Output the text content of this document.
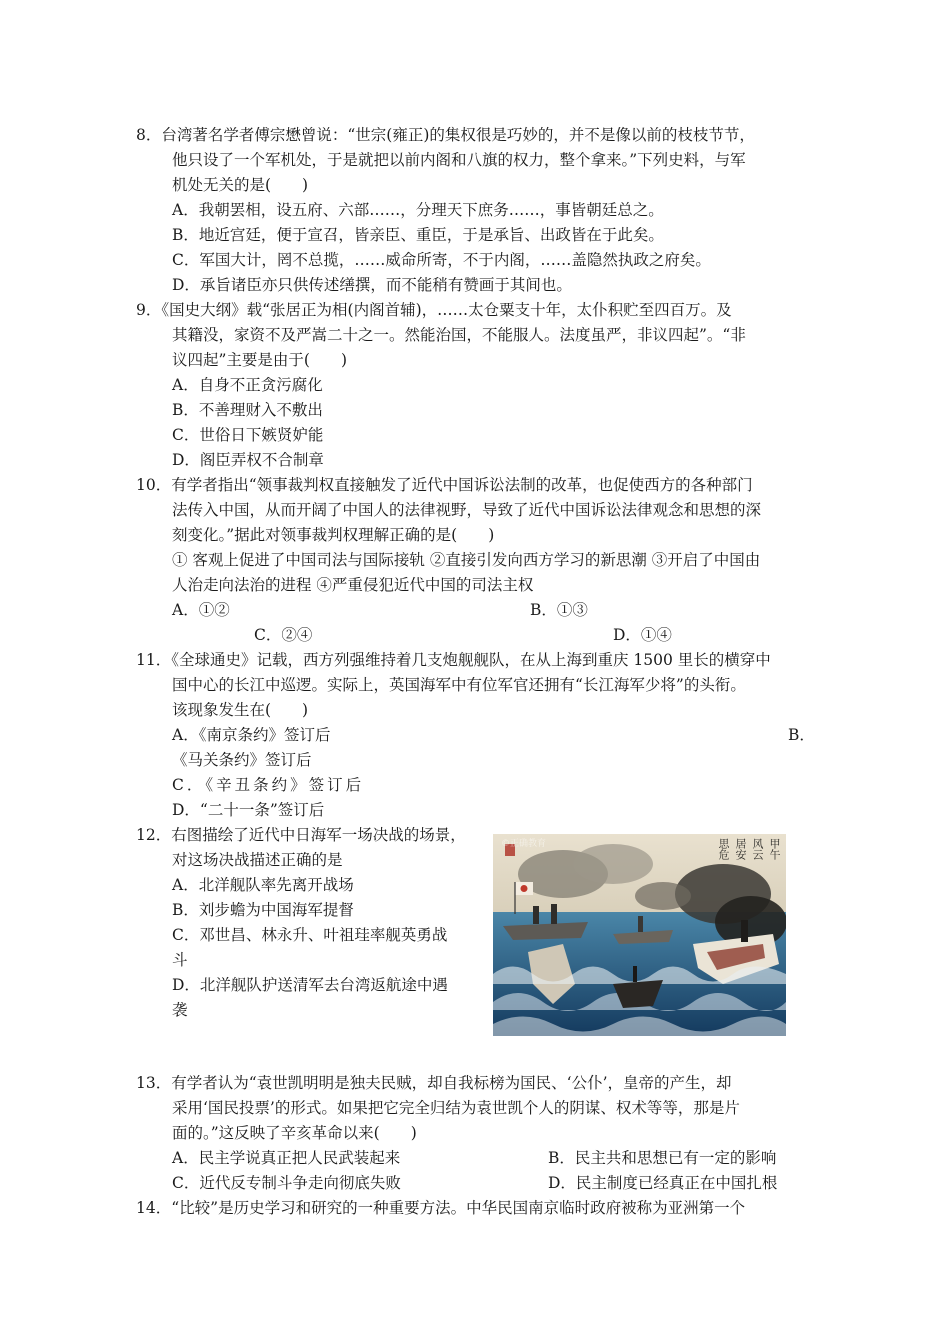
8．台湾著名学者傅宗懋曾说：“世宗(雍正)的集权很是巧妙的，并不是像以前的枝枝节节，
他只设了一个军机处，于是就把以前内阁和八旗的权力，整个拿来。”下列史料，与军
机处无关的是(　　)
A．我朝罢相，设五府、六部……，分理天下庶务……，事皆朝廷总之。
B．地近宫廷，便于宣召，皆亲臣、重臣，于是承旨、出政皆在于此矣。
C．军国大计，罔不总揽，……威命所寄，不于内阁，……盖隐然执政之府矣。
D．承旨诸臣亦只供传述缮撰，而不能稍有赞画于其间也。
9．《国史大纲》载“张居正为相(内阁首辅)，……太仓粟支十年，太仆积贮至四百万。及
其籍没，家资不及严嵩二十之一。然能治国，不能服人。法度虽严，非议四起”。“非
议四起”主要是由于(　　)
A．自身不正贪污腐化
B．不善理财入不敷出
C．世俗日下嫉贤妒能
D．阁臣弄权不合制章
10．有学者指出“领事裁判权直接触发了近代中国诉讼法制的改革，也促使西方的各种部门
法传入中国，从而开阔了中国人的法律视野，导致了近代中国诉讼法律观念和思想的深
刻变化。”据此对领事裁判权理解正确的是(　　)
① 客观上促进了中国司法与国际接轨 ②直接引发向西方学习的新思潮 ③开启了中国由
人治走向法治的进程 ④严重侵犯近代中国的司法主权
A．①②	B．①③
C．②④	D．①④
11．《全球通史》记载，西方列强维持着几支炮舰舰队，在从上海到重庆 1500 里长的横穿中
国中心的长江中巡逻。实际上，英国海军中有位军官还拥有“长江海军少将”的头衔。
该现象发生在(　　)
A．《南京条约》签订后	B．
《马关条约》签订后
C．《辛丑条约》签订后
D．“二十一条”签订后
12．右图描绘了近代中日海军一场决战的场景，
对这场决战描述正确的是
A．北洋舰队率先离开战场
B．刘步蟾为中国海军提督
C．邓世昌、林永升、叶祖珪率舰英勇战
斗
D．北洋舰队护送清军去台湾返航途中遇
袭
©正确教育	甲午
风云
居安
思危
13．有学者认为“袁世凯明明是独夫民贼，却自我标榜为国民、‘公仆’，皇帝的产生，却
采用‘国民投票’的形式。如果把它完全归结为袁世凯个人的阴谋、权术等等，那是片
面的。”这反映了辛亥革命以来(　　)
A．民主学说真正把人民武装起来	B．民主共和思想已有一定的影响
C．近代反专制斗争走向彻底失败	D．民主制度已经真正在中国扎根
14．“比较”是历史学习和研究的一种重要方法。中华民国南京临时政府被称为亚洲第一个
